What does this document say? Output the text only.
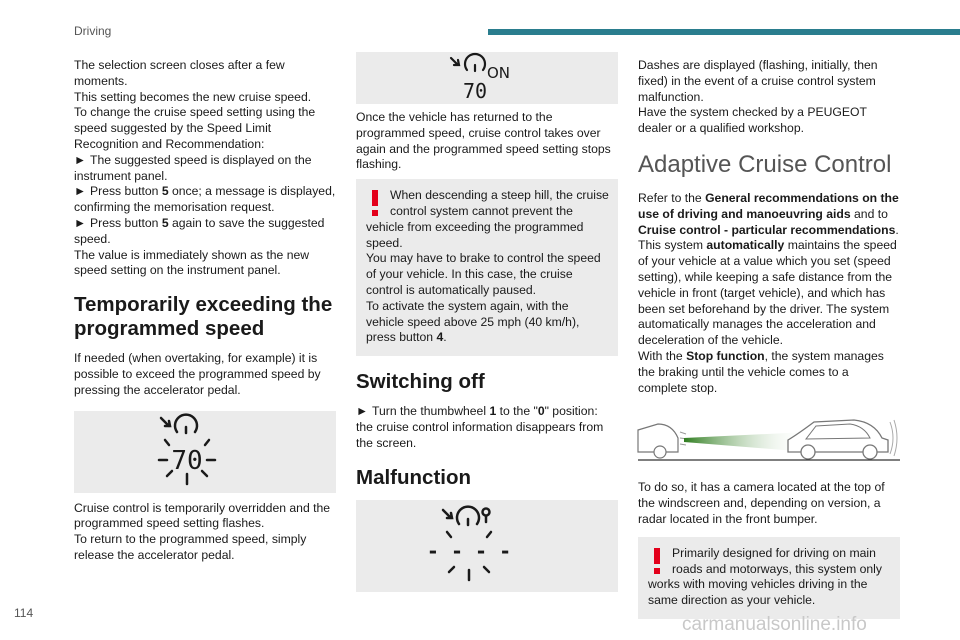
Driving
114

The selection screen closes after a few moments.

This setting becomes the new cruise speed.

To change the cruise speed setting using the speed suggested by the Speed Limit Recognition and Recommendation:

► The suggested speed is displayed on the instrument panel.

► Press button 5 once; a message is displayed, confirming the memorisation request.

► Press button 5 again to save the suggested speed.

The value is immediately shown as the new speed setting on the instrument panel.

Temporarily exceeding the programmed speed

If needed (when overtaking, for example) it is possible to exceed the programmed speed by pressing the accelerator pedal.

70

Cruise control is temporarily overridden and the programmed speed setting flashes.

To return to the programmed speed, simply release the accelerator pedal.

ON
70

Once the vehicle has returned to the programmed speed, cruise control takes over again and the programmed speed setting stops flashing.

When descending a steep hill, the cruise control system cannot prevent the vehicle from exceeding the programmed speed.

You may have to brake to control the speed of your vehicle. In this case, the cruise control is automatically paused.

To activate the system again, with the vehicle speed above 25 mph (40 km/h), press button 4.

Switching off

► Turn the thumbwheel 1 to the "0" position: the cruise control information disappears from the screen.

Malfunction
- - - -

Dashes are displayed (flashing, initially, then fixed) in the event of a cruise control system malfunction.

Have the system checked by a PEUGEOT dealer or a qualified workshop.

Adaptive Cruise Control

Refer to the General recommendations on the use of driving and manoeuvring aids and to Cruise control - particular recommendations.

This system automatically maintains the speed of your vehicle at a value which you set (speed setting), while keeping a safe distance from the vehicle in front (target vehicle), and which has been set beforehand by the driver. The system automatically manages the acceleration and deceleration of the vehicle.

With the Stop function, the system manages the braking until the vehicle comes to a complete stop.

To do so, it has a camera located at the top of the windscreen and, depending on version, a radar located in the front bumper.

Primarily designed for driving on main roads and motorways, this system only works with moving vehicles driving in the same direction as your vehicle.

carmanualsonline.info
